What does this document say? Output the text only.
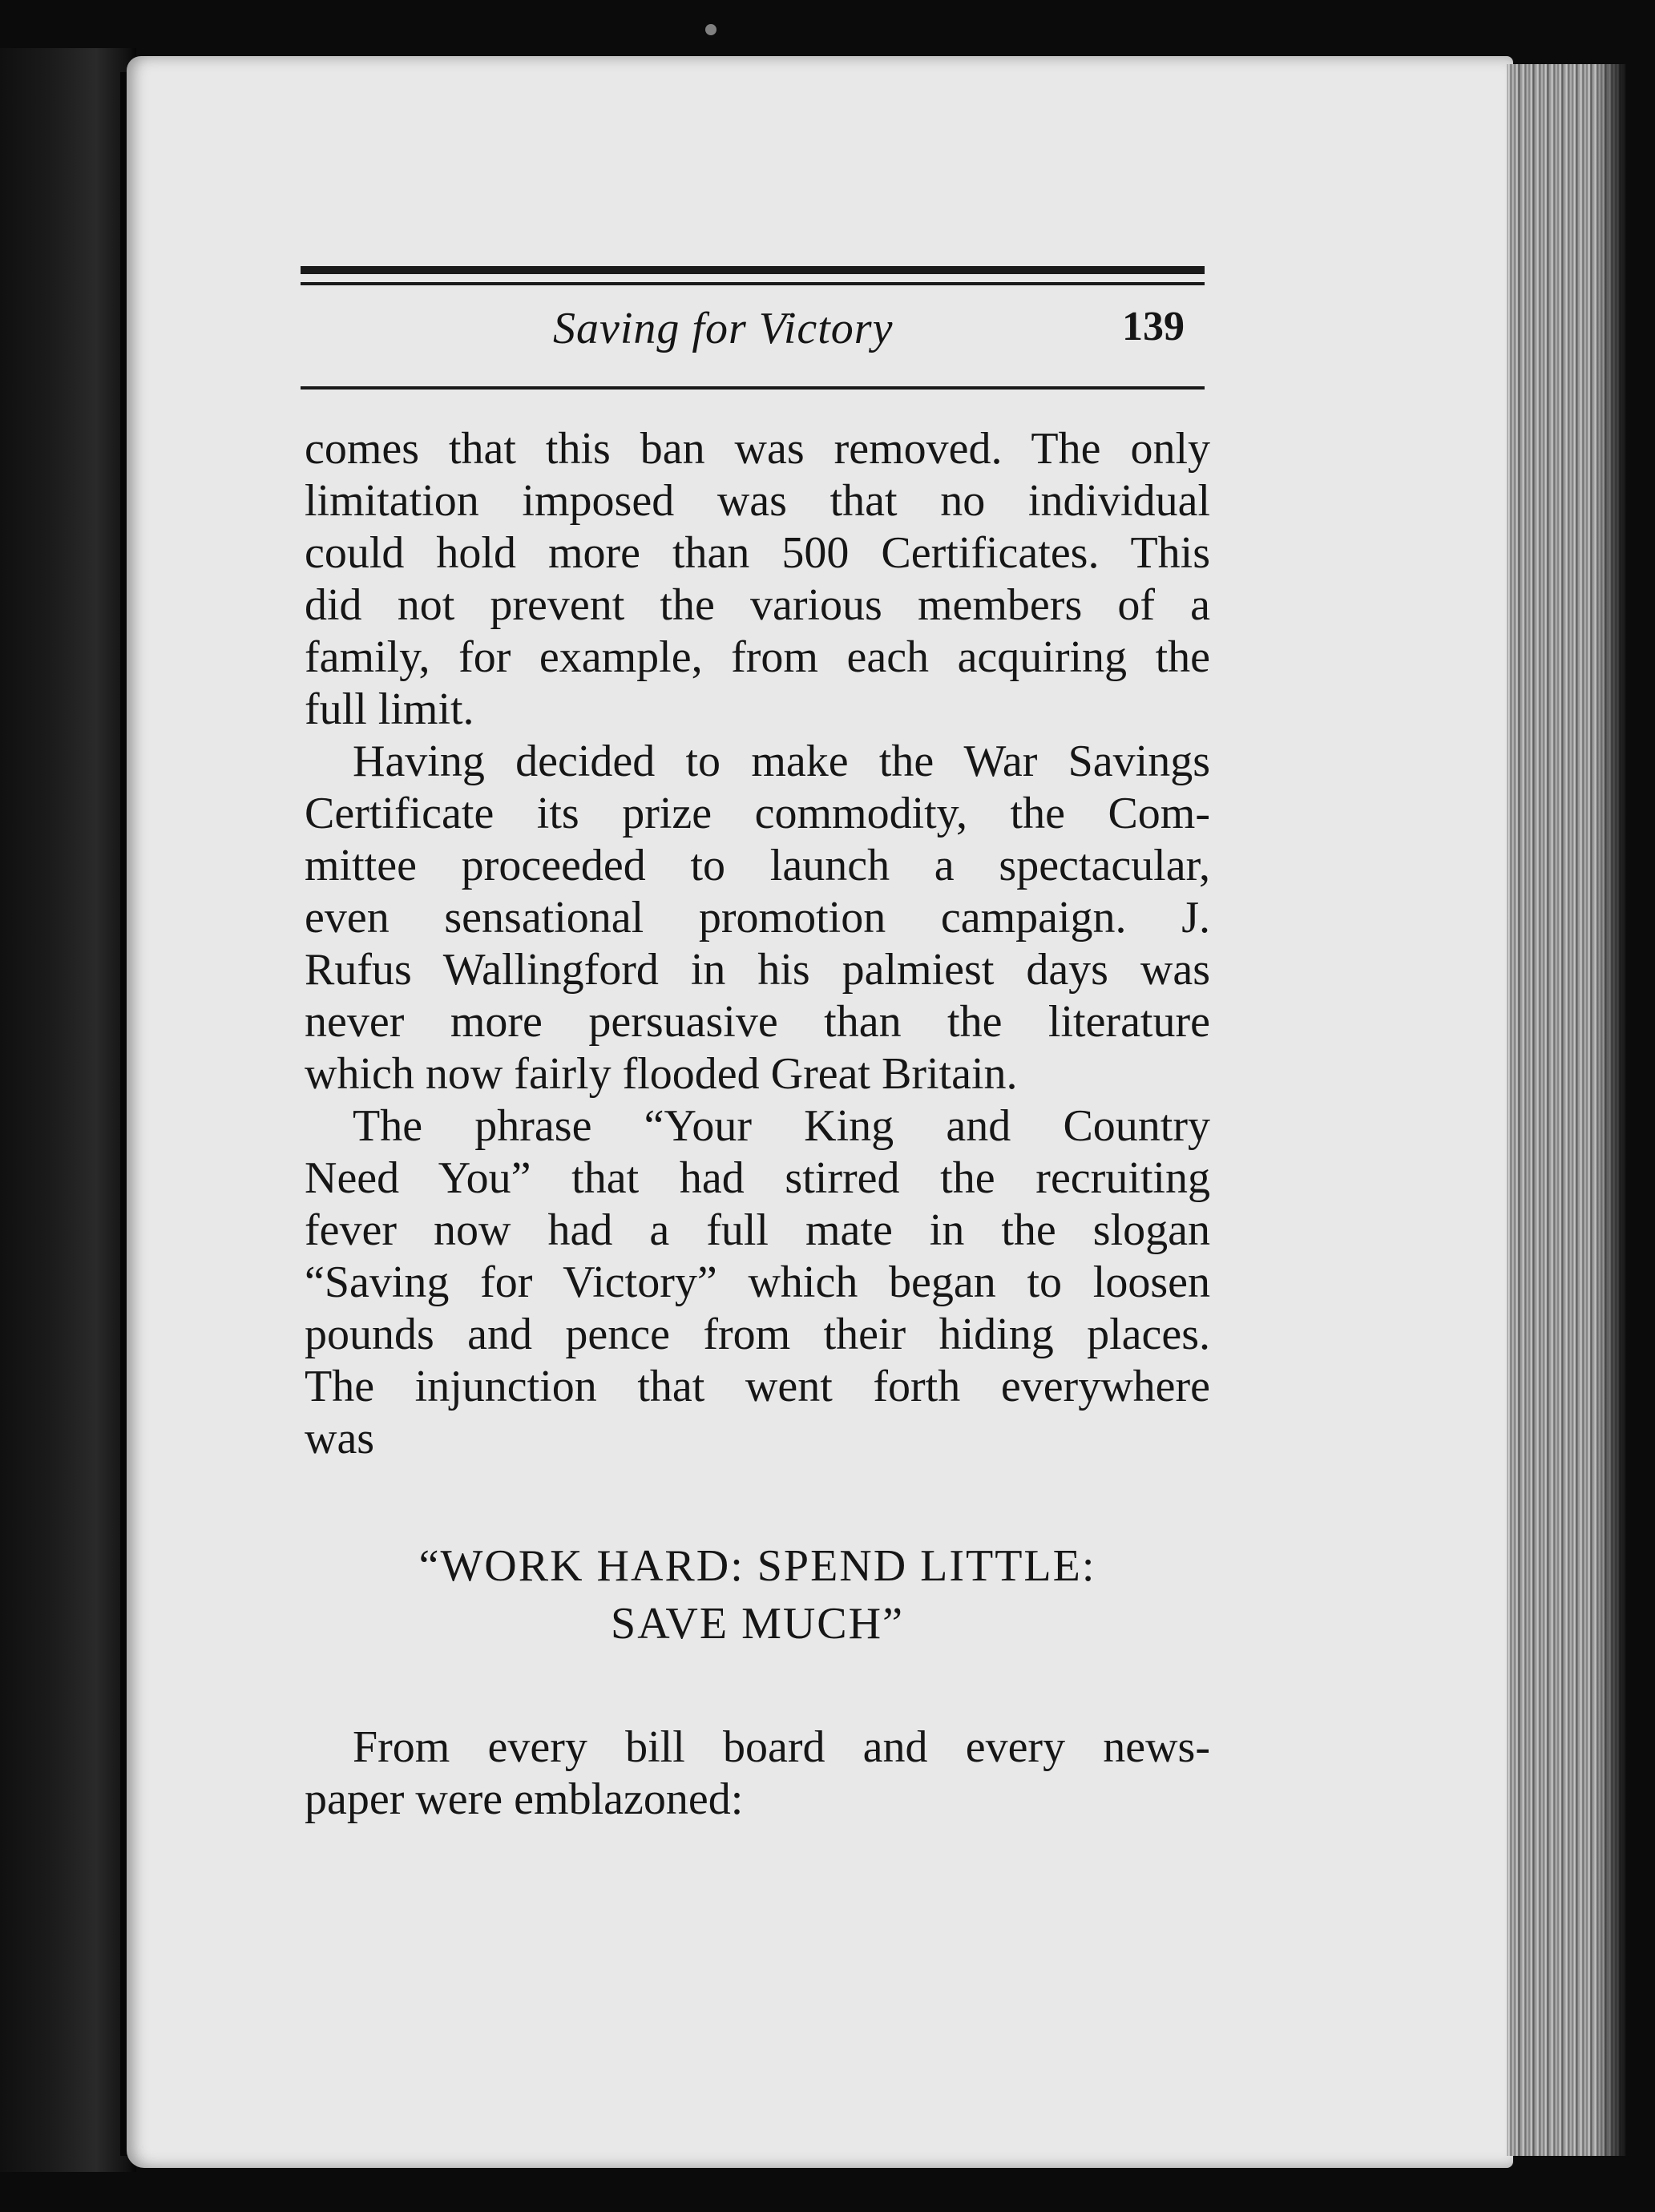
Saving for Victory	139
comes that this ban was removed. The only
limitation imposed was that no individual
could hold more than 500 Certificates. This
did not prevent the various members of a
family, for example, from each acquiring the
full limit.
Having decided to make the War Savings
Certificate its prize commodity, the Com-
mittee proceeded to launch a spectacular,
even sensational promotion campaign. J.
Rufus Wallingford in his palmiest days was
never more persuasive than the literature
which now fairly flooded Great Britain.
The phrase “Your King and Country
Need You” that had stirred the recruiting
fever now had a full mate in the slogan
“Saving for Victory” which began to loosen
pounds and pence from their hiding places.
The injunction that went forth everywhere
was
“WORK HARD: SPEND LITTLE:
SAVE MUCH”
From every bill board and every news-
paper were emblazoned:
